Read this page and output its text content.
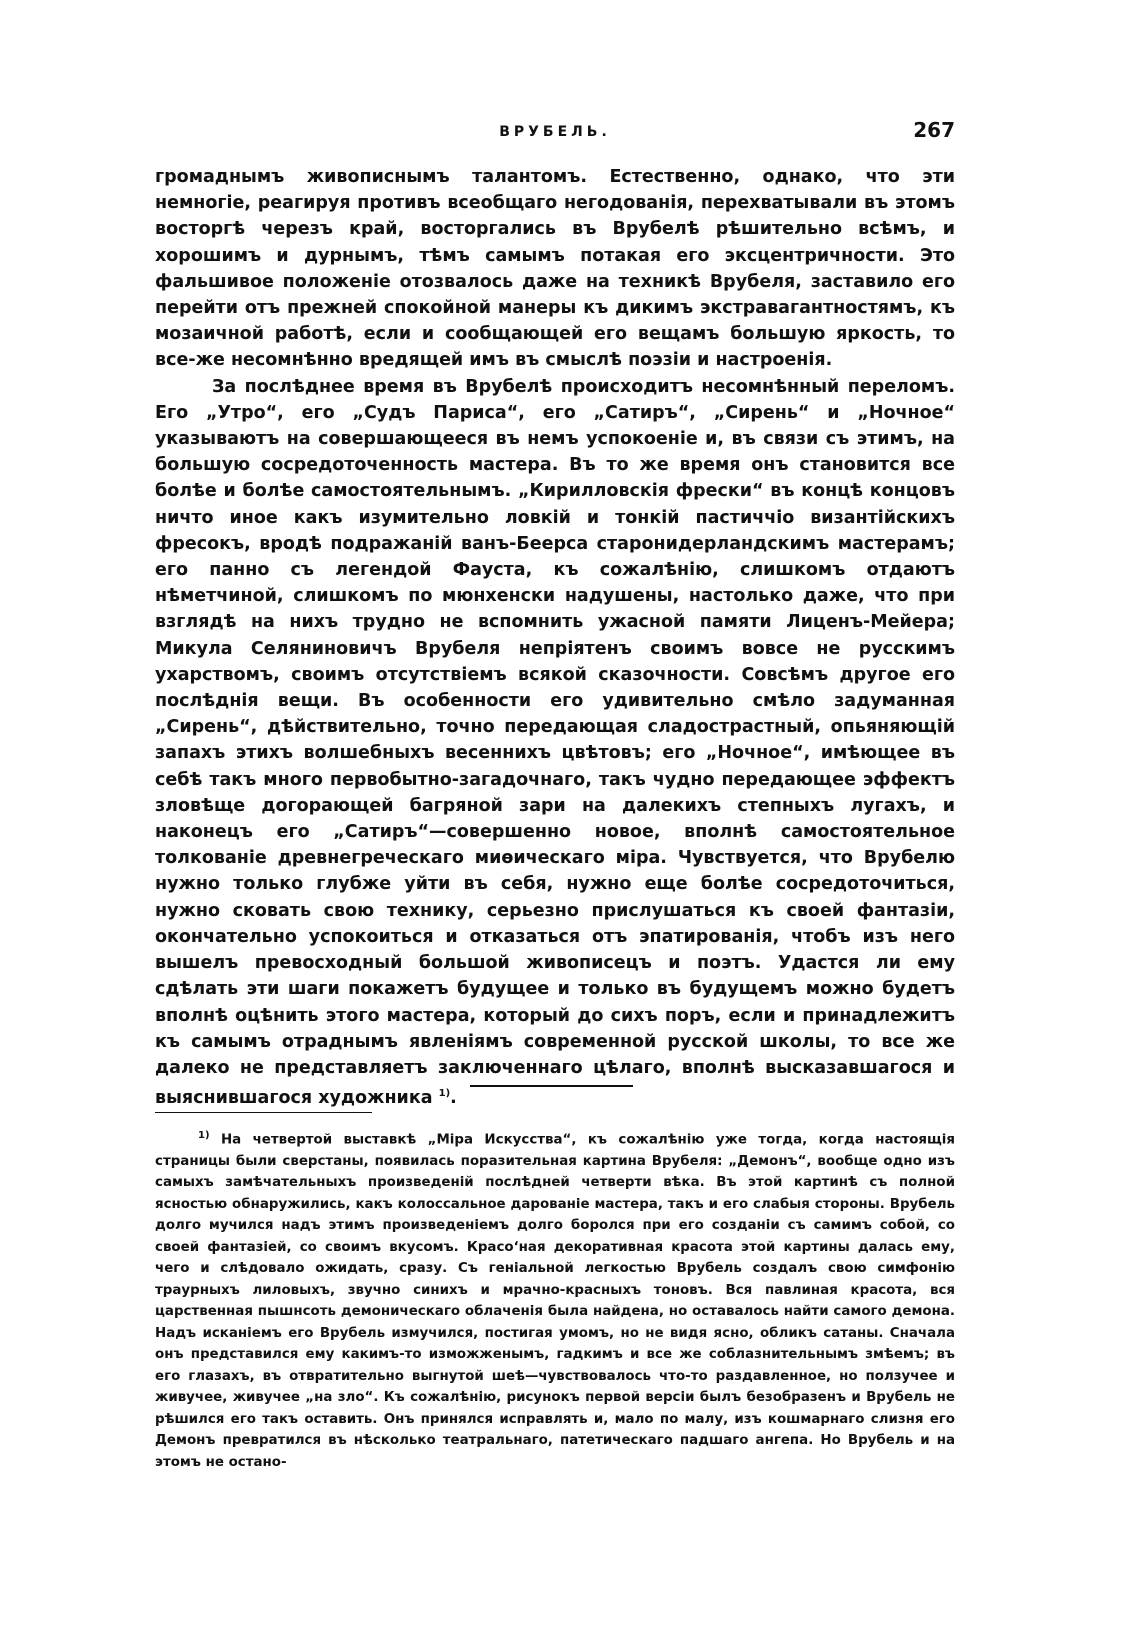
ВРУБЕЛЬ.	267

громаднымъ живописнымъ талантомъ. Естественно, однако, что эти немногіе, реагируя противъ всеобщаго негодованія, перехватывали въ этомъ восторгѣ черезъ край, восторгались въ Врубелѣ рѣшительно всѣмъ, и хорошимъ и дурнымъ, тѣмъ самымъ потакая его эксцентричности. Это фальшивое положеніе отозвалось даже на техникѣ Врубеля, заставило его перейти отъ прежней спокойной манеры къ дикимъ экстравагантностямъ, къ мозаичной работѣ, если и сообщающей его вещамъ большую яркость, то все-же несомнѣнно вредящей имъ въ смыслѣ поэзіи и настроенія.

За послѣднее время въ Врубелѣ происходитъ несомнѣнный переломъ. Его „Утро“, его „Судъ Париса“, его „Сатиръ“, „Сирень“ и „Ночное“ указываютъ на совершающееся въ немъ успокоеніе и, въ связи съ этимъ, на большую сосредоточенность мастера. Въ то же время онъ становится все болѣе и болѣе самостоятельнымъ. „Кирилловскія фрески“ въ концѣ концовъ ничто иное какъ изумительно ловкій и тонкій пастиччіо византійскихъ фресокъ, вродѣ подражаній ванъ-Беерса старонидерландскимъ мастерамъ; его панно съ легендой Фауста, къ сожалѣнію, слишкомъ отдаютъ нѣметчиной, слишкомъ по мюнхенски надушены, настолько даже, что при взглядѣ на нихъ трудно не вспомнить ужасной памяти Лиценъ-Мейера; Микула Селяниновичъ Врубеля непріятенъ своимъ вовсе не русскимъ ухарствомъ, своимъ отсутствіемъ всякой сказочности. Совсѣмъ другое его послѣднія вещи. Въ особенности его удивительно смѣло задуманная „Сирень“, дѣйствительно, точно передающая сладострастный, опьяняющій запахъ этихъ волшебныхъ весеннихъ цвѣтовъ; его „Ночное“, имѣющее въ себѣ такъ много первобытно-загадочнаго, такъ чудно передающее эффектъ зловѣще догорающей багряной зари на далекихъ степныхъ лугахъ, и наконецъ его „Сатиръ“—совершенно новое, вполнѣ самостоятельное толкованіе древнегреческаго миѳическаго міра. Чувствуется, что Врубелю нужно только глубже уйти въ себя, нужно еще болѣе сосредоточиться, нужно сковать свою технику, серьезно прислушаться къ своей фантазіи, окончательно успокоиться и отказаться отъ эпатированія, чтобъ изъ него вышелъ превосходный большой живописецъ и поэтъ. Удастся ли ему сдѣлать эти шаги покажетъ будущее и только въ будущемъ можно будетъ вполнѣ оцѣнить этого мастера, который до сихъ поръ, если и принадлежитъ къ самымъ отраднымъ явленіямъ современной русской школы, то все же далеко не представляетъ заключеннаго цѣлаго, вполнѣ высказавшагося и выяснившагося художника $^{1)}$.

$^{1)}$ На четвертой выставкѣ „Міра Искусства“, къ сожалѣнію уже тогда, когда настоящія страницы были сверстаны, появилась поразительная картина Врубеля: „Демонъ“, вообще одно изъ самыхъ замѣчательныхъ произведеній послѣдней четверти вѣка. Въ этой картинѣ съ полной ясностью обнаружились, какъ колоссальное дарованіе мастера, такъ и его слабыя стороны. Врубель долго мучился надъ этимъ произведеніемъ долго боролся при его созданіи съ самимъ собой, со своей фантазіей, со своимъ вкусомъ. Красо‘ная декоративная красота этой картины далась ему, чего и слѣдовало ожидать, сразу. Съ геніальной легкостью Врубель создалъ свою симфонію траурныхъ лиловыхъ, звучно синихъ и мрачно-красныхъ тоновъ. Вся павлиная красота, вся царственная пышнсоть демоническаго облаченія была найдена, но оставалось найти самого демона. Надъ исканіемъ его Врубель измучился, постигая умомъ, но не видя ясно, обликъ сатаны. Сначала онъ представился ему какимъ-то изможженымъ, гадкимъ и все же соблазнительнымъ змѣемъ; въ его глазахъ, въ отвратительно выгнутой шеѣ—чувствовалось что-то раздавленное, но ползучее и живучее, живучее „на зло“. Къ сожалѣнію, рисунокъ первой версіи былъ безобразенъ и Врубель не рѣшился его такъ оставить. Онъ принялся исправлять и, мало по малу, изъ кошмарнаго слизня его Демонъ превратился въ нѣсколько театральнаго, патетическаго падшаго ангепа. Но Врубель и на этомъ не остано-
